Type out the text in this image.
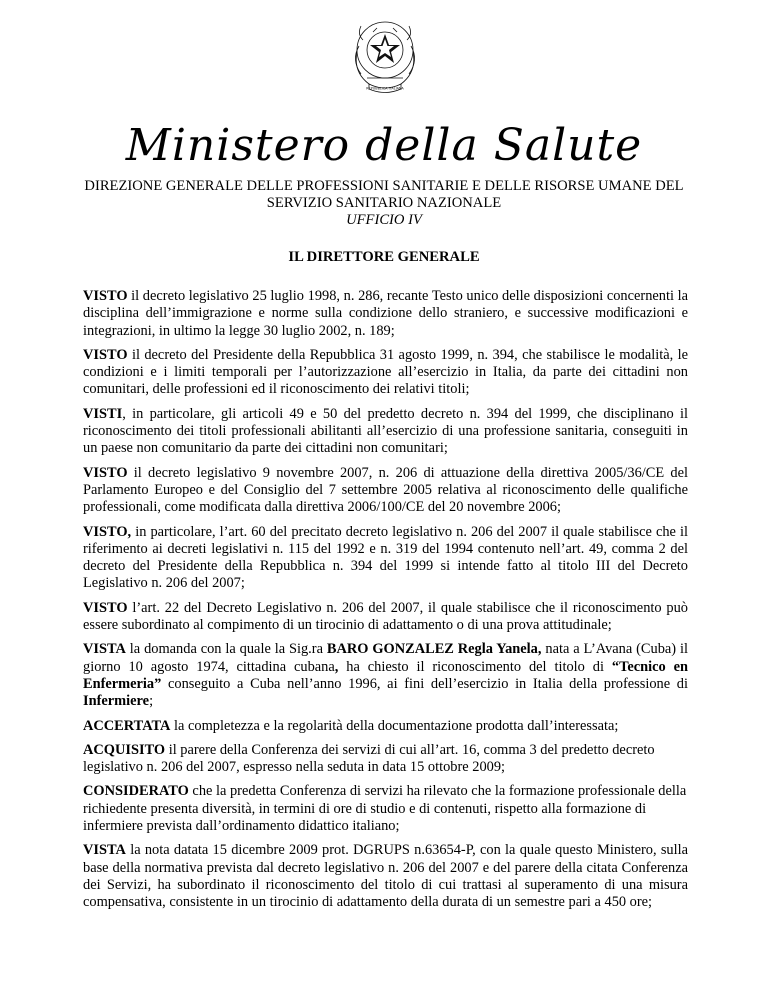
REPUBBLICA ITALIANA
Ministero della Salute
DIREZIONE GENERALE DELLE PROFESSIONI SANITARIE E DELLE RISORSE UMANE DEL
SERVIZIO SANITARIO NAZIONALE
UFFICIO IV
IL DIRETTORE GENERALE

VISTO il decreto legislativo 25 luglio 1998, n. 286, recante Testo unico delle disposizioni concernenti la disciplina dell’immigrazione e norme sulla condizione dello straniero, e successive modificazioni e integrazioni, in ultimo la legge 30 luglio 2002, n. 189;

VISTO il decreto del Presidente della Repubblica 31 agosto 1999, n. 394, che stabilisce le modalità, le condizioni e i limiti temporali per l’autorizzazione all’esercizio in Italia, da parte dei cittadini non comunitari, delle professioni ed il riconoscimento dei relativi titoli;

VISTI, in particolare, gli articoli 49 e 50 del predetto decreto n. 394 del 1999, che disciplinano il riconoscimento dei titoli professionali abilitanti all’esercizio di una professione sanitaria, conseguiti in un paese non comunitario da parte dei cittadini non comunitari;

VISTO il decreto legislativo 9 novembre 2007, n. 206 di attuazione della direttiva 2005/36/CE del Parlamento Europeo e del Consiglio del 7 settembre 2005 relativa al riconoscimento delle qualifiche professionali, come modificata dalla direttiva 2006/100/CE del 20 novembre 2006;

VISTO, in particolare, l’art. 60 del precitato decreto legislativo n. 206 del 2007 il quale stabilisce che il riferimento ai decreti legislativi n. 115 del 1992 e n. 319 del 1994 contenuto nell’art. 49, comma 2 del decreto del Presidente della Repubblica n. 394 del 1999 si intende fatto al titolo III del Decreto Legislativo n. 206 del 2007;

VISTO l’art. 22 del Decreto Legislativo n. 206 del 2007, il quale stabilisce che il riconoscimento può essere subordinato al compimento di un tirocinio di adattamento o di una prova attitudinale;

VISTA la domanda con la quale la Sig.ra BARO GONZALEZ Regla Yanela, nata a L’Avana (Cuba) il giorno 10 agosto 1974, cittadina cubana, ha chiesto il riconoscimento del titolo di “Tecnico en Enfermeria” conseguito a Cuba nell’anno 1996, ai fini dell’esercizio in Italia della professione di Infermiere;

ACCERTATA la completezza e la regolarità della documentazione prodotta dall’interessata;

ACQUISITO il parere della Conferenza dei servizi di cui all’art. 16, comma 3 del predetto decreto legislativo n. 206 del 2007, espresso nella seduta in data 15 ottobre 2009;

CONSIDERATO che la predetta Conferenza di servizi ha rilevato che la formazione professionale della richiedente presenta diversità, in termini di ore di studio e di contenuti, rispetto alla formazione di infermiere prevista dall’ordinamento didattico italiano;

VISTA la nota datata 15 dicembre 2009 prot. DGRUPS n.63654-P, con la quale questo Ministero, sulla base della normativa prevista dal decreto legislativo n. 206 del 2007 e del parere della citata Conferenza dei Servizi, ha subordinato il riconoscimento del titolo di cui trattasi al superamento di una misura compensativa, consistente in un tirocinio di adattamento della durata di un semestre pari a 450 ore;
